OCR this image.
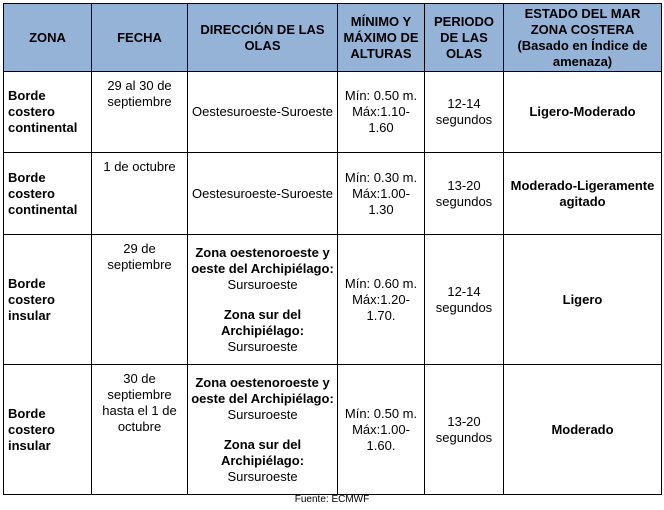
ZONA	FECHA	DIRECCIÓN DE LAS OLAS	MÍNIMO Y MÁXIMO DE ALTURAS	PERIODO DE LAS OLAS	ESTADO DEL MAR ZONA COSTERA (Basado en Índice de amenaza)
Borde costero continental	29 al 30 de septiembre	Oestesuroeste-Suroeste	Mín: 0.50 m. Máx:1.10-1.60	12-14 segundos	Ligero-Moderado
Borde costero continental	1 de octubre	Oestesuroeste-Suroeste	Mín: 0.30 m. Máx:1.00-1.30	13-20 segundos	Moderado-Ligeramente agitado
Borde costero insular	29 de septiembre	Zona oestenoroeste y oeste del Archipiélago:
Sursuroeste
Zona sur del Archipiélago:
Sursuroeste	Mín: 0.60 m. Máx:1.20-1.70.	12-14 segundos	Ligero
Borde costero insular	30 de septiembre hasta el 1 de octubre	Zona oestenoroeste y oeste del Archipiélago:
Sursuroeste
Zona sur del Archipiélago:
Sursuroeste	Mín: 0.50 m. Máx:1.00-1.60.	13-20 segundos	Moderado
Fuente: ECMWF
